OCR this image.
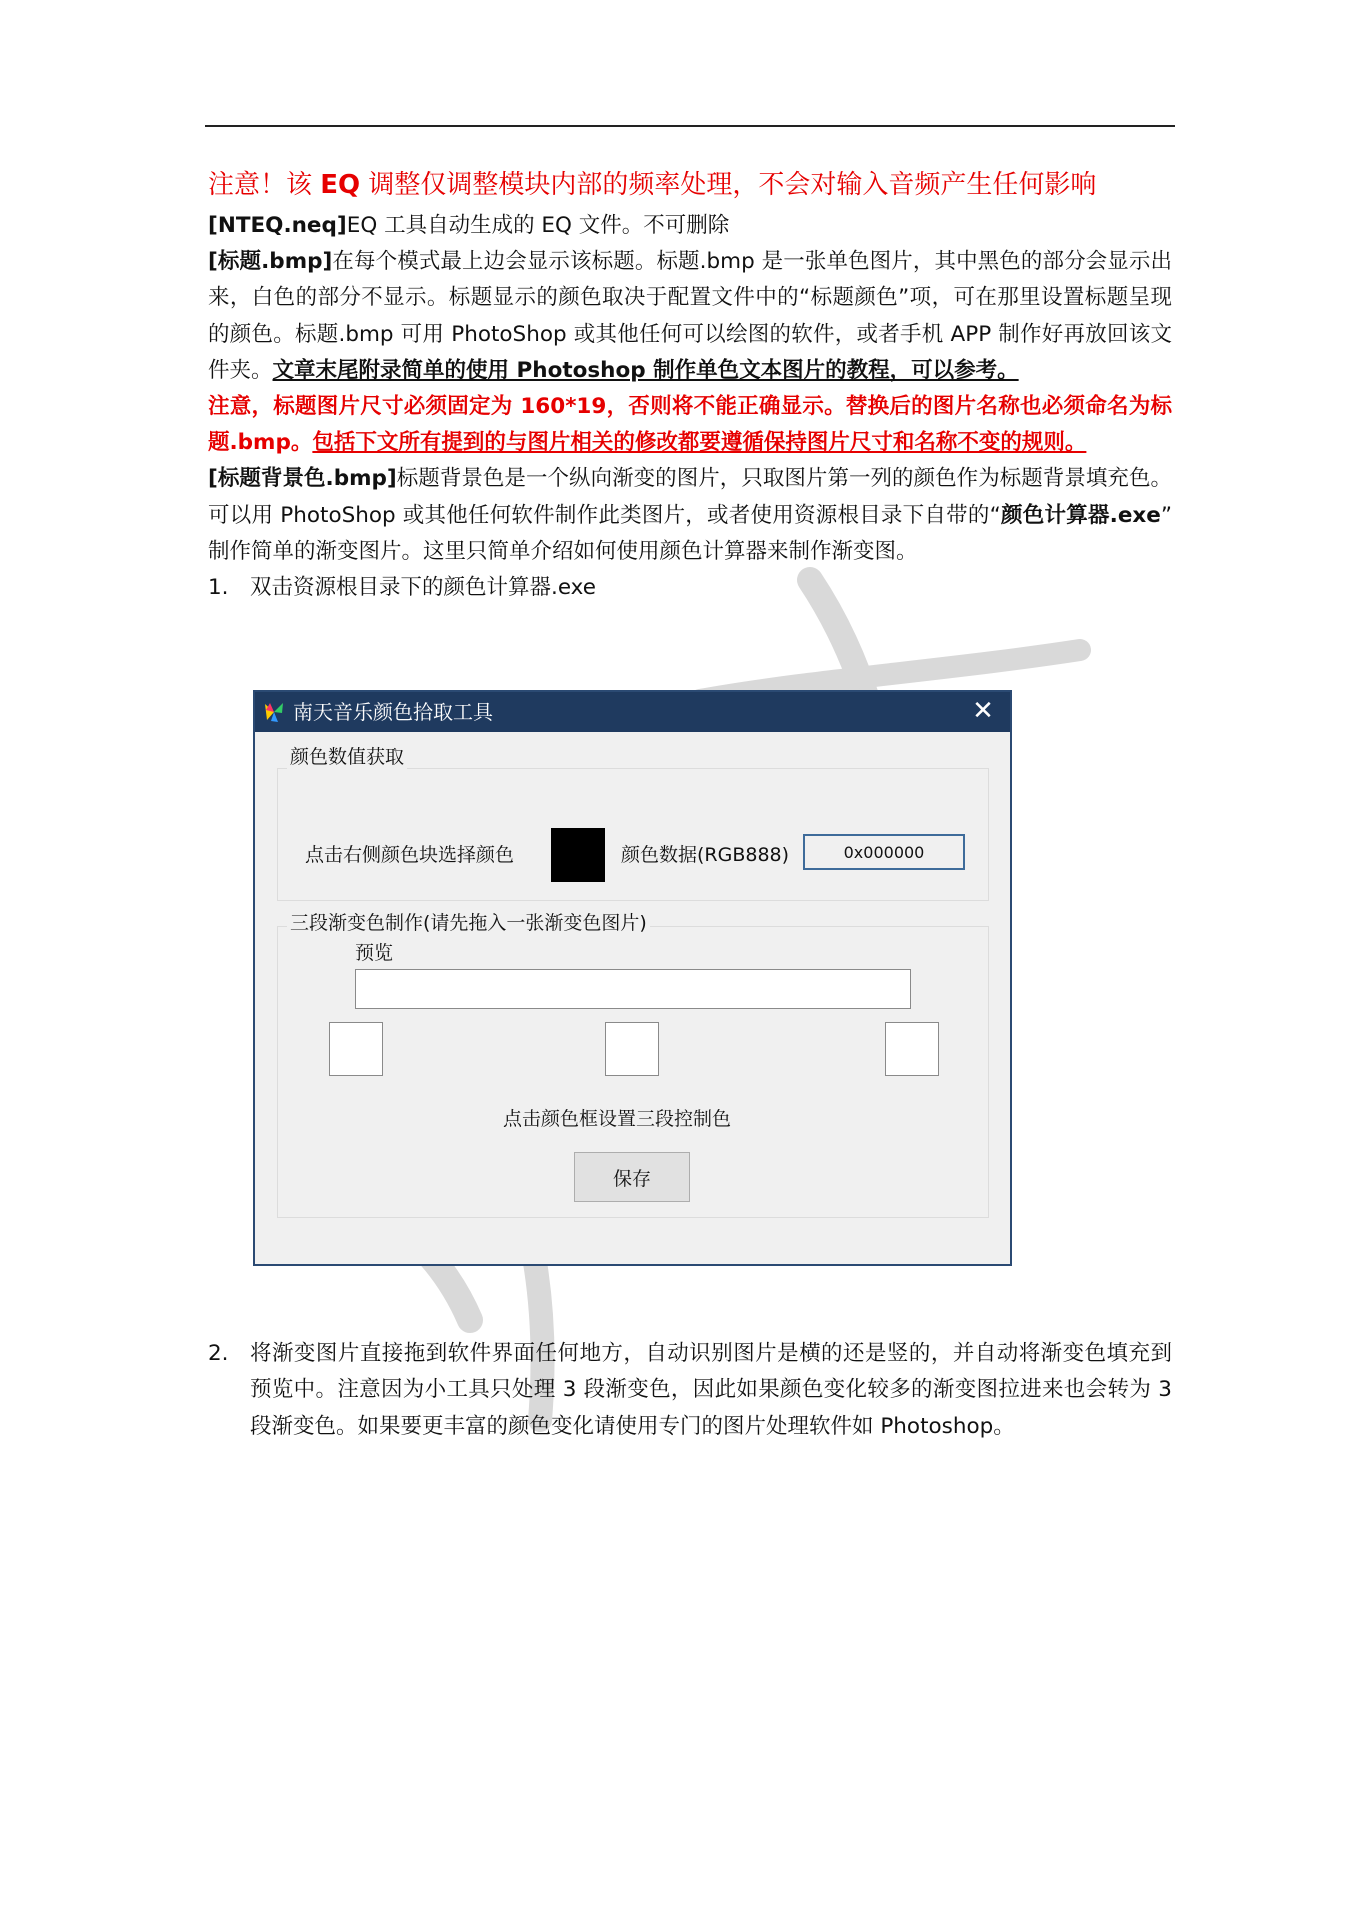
注意！该 EQ 调整仅调整模块内部的频率处理，不会对输入音频产生任何影响

[NTEQ.neq]EQ 工具自动生成的 EQ 文件。不可删除

[标题.bmp]在每个模式最上边会显示该标题。标题.bmp 是一张单色图片，其中黑色的部分会显示出来，白色的部分不显示。标题显示的颜色取决于配置文件中的“标题颜色”项，可在那里设置标题呈现的颜色。标题.bmp 可用 PhotoShop 或其他任何可以绘图的软件，或者手机 APP 制作好再放回该文件夹。文章末尾附录简单的使用 Photoshop 制作单色文本图片的教程，可以参考。

注意，标题图片尺寸必须固定为 160*19，否则将不能正确显示。替换后的图片名称也必须命名为标题.bmp。包括下文所有提到的与图片相关的修改都要遵循保持图片尺寸和名称不变的规则。

[标题背景色.bmp]标题背景色是一个纵向渐变的图片，只取图片第一列的颜色作为标题背景填充色。可以用 PhotoShop 或其他任何软件制作此类图片，或者使用资源根目录下自带的“颜色计算器.exe” 制作简单的渐变图片。这里只简单介绍如何使用颜色计算器来制作渐变图。

1. 双击资源根目录下的颜色计算器.exe
2. 将渐变图片直接拖到软件界面任何地方，自动识别图片是横的还是竖的，并自动将渐变色填充到预览中。注意因为小工具只处理 3 段渐变色，因此如果颜色变化较多的渐变图拉进来也会转为 3 段渐变色。如果要更丰富的颜色变化请使用专门的图片处理软件如 Photoshop。
南天音乐颜色拾取工具	✕
颜色数值获取
点击右侧颜色块选择颜色	颜色数据(RGB888)
0x000000
三段渐变色制作(请先拖入一张渐变色图片)
预览
点击颜色框设置三段控制色
保存
